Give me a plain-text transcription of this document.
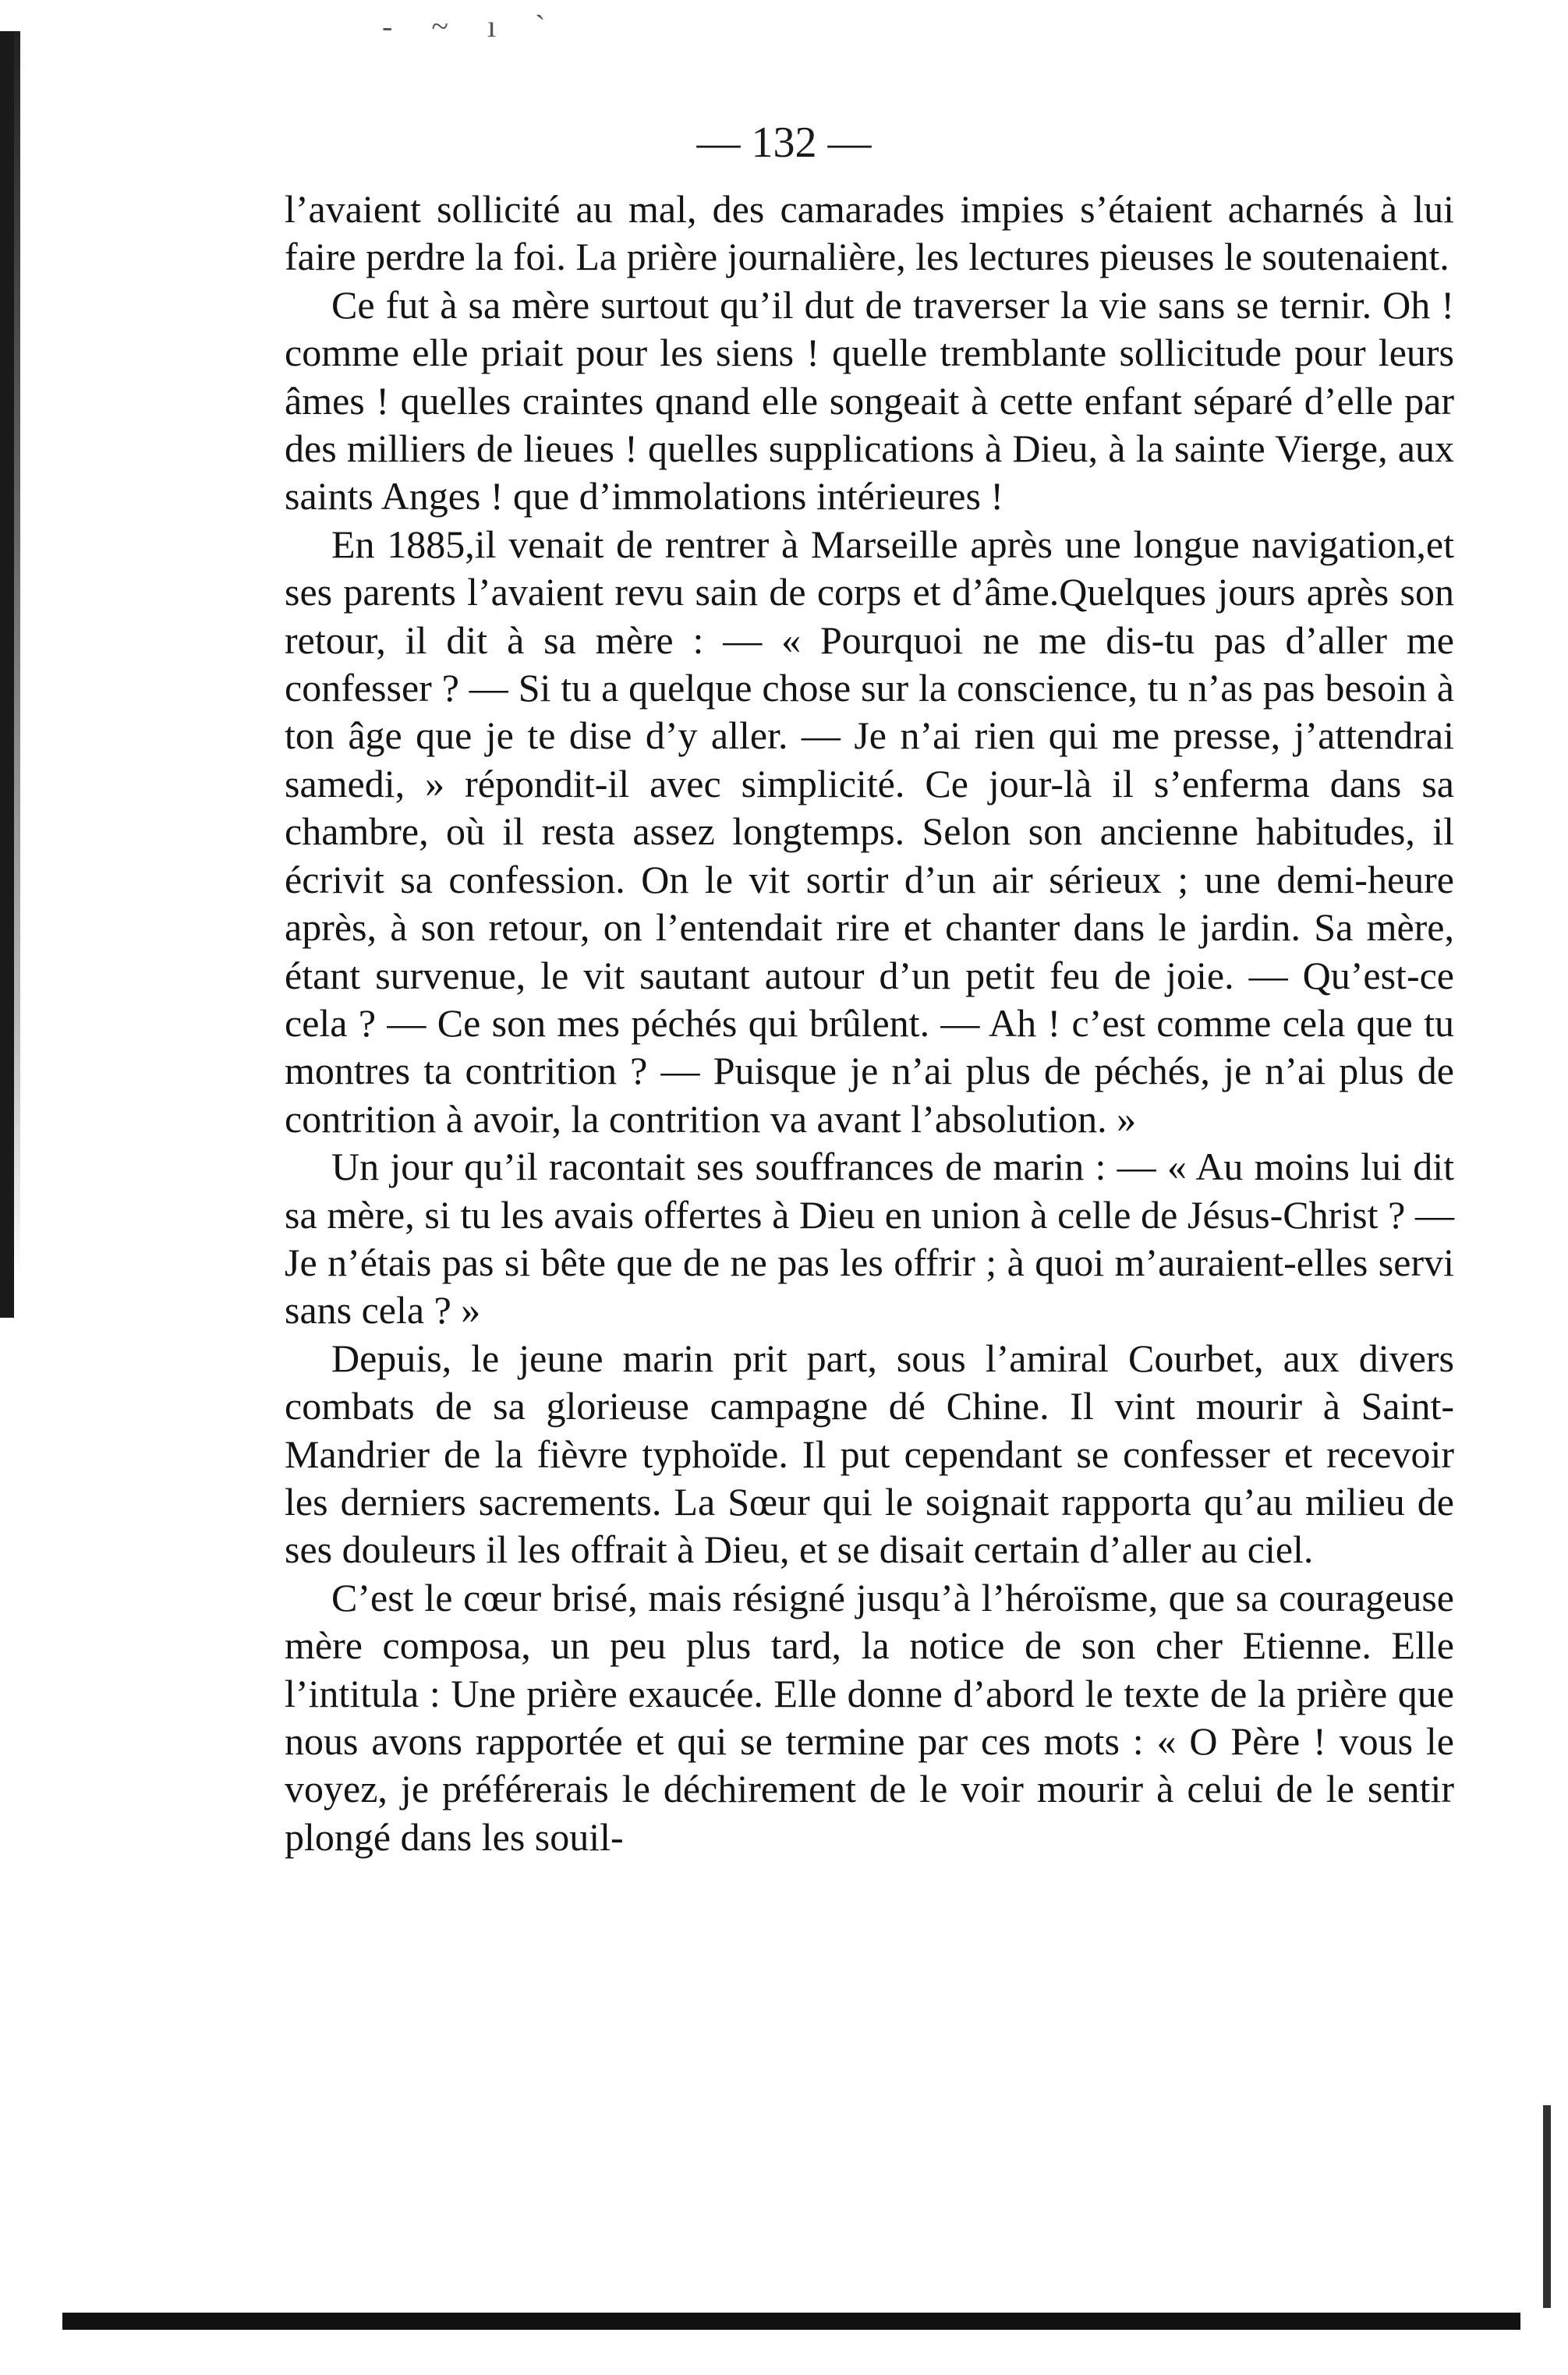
- ~ ı ˋ
— 132 —

l’avaient sollicité au mal, des camarades impies s’étaient acharnés à lui faire perdre la foi. La prière journalière, les lectures pieuses le soutenaient.

Ce fut à sa mère surtout qu’il dut de traverser la vie sans se ternir. Oh ! comme elle priait pour les siens ! quelle tremblante sollicitude pour leurs âmes ! quelles craintes qnand elle songeait à cette enfant séparé d’elle par des milliers de lieues ! quelles supplications à Dieu, à la sainte Vierge, aux saints Anges ! que d’immolations intérieures !

En 1885,il venait de rentrer à Marseille après une longue navigation,et ses parents l’avaient revu sain de corps et d’âme.Quelques jours après son retour, il dit à sa mère : — « Pourquoi ne me dis-tu pas d’aller me confesser ? — Si tu a quelque chose sur la conscience, tu n’as pas besoin à ton âge que je te dise d’y aller. — Je n’ai rien qui me presse, j’attendrai samedi, » répondit-il avec simplicité. Ce jour-là il s’enferma dans sa chambre, où il resta assez longtemps. Selon son ancienne habitudes, il écrivit sa confession. On le vit sortir d’un air sérieux ; une demi-heure après, à son retour, on l’entendait rire et chanter dans le jardin. Sa mère, étant survenue, le vit sautant autour d’un petit feu de joie. — Qu’est-ce cela ? — Ce son mes péchés qui brûlent. — Ah ! c’est comme cela que tu montres ta contrition ? — Puisque je n’ai plus de péchés, je n’ai plus de contrition à avoir, la contrition va avant l’absolution. »

Un jour qu’il racontait ses souffrances de marin : — « Au moins lui dit sa mère, si tu les avais offertes à Dieu en union à celle de Jésus-Christ ? — Je n’étais pas si bête que de ne pas les offrir ; à quoi m’auraient-elles servi sans cela ? »

Depuis, le jeune marin prit part, sous l’amiral Courbet, aux divers combats de sa glorieuse campagne dé Chine. Il vint mourir à Saint-Mandrier de la fièvre typhoïde. Il put cependant se confesser et recevoir les derniers sacrements. La Sœur qui le soignait rapporta qu’au milieu de ses douleurs il les offrait à Dieu, et se disait certain d’aller au ciel.

C’est le cœur brisé, mais résigné jusqu’à l’héroïsme, que sa courageuse mère composa, un peu plus tard, la notice de son cher Etienne. Elle l’intitula : Une prière exaucée. Elle donne d’abord le texte de la prière que nous avons rapportée et qui se termine par ces mots : « O Père ! vous le voyez, je préférerais le déchirement de le voir mourir à celui de le sentir plongé dans les souil-
